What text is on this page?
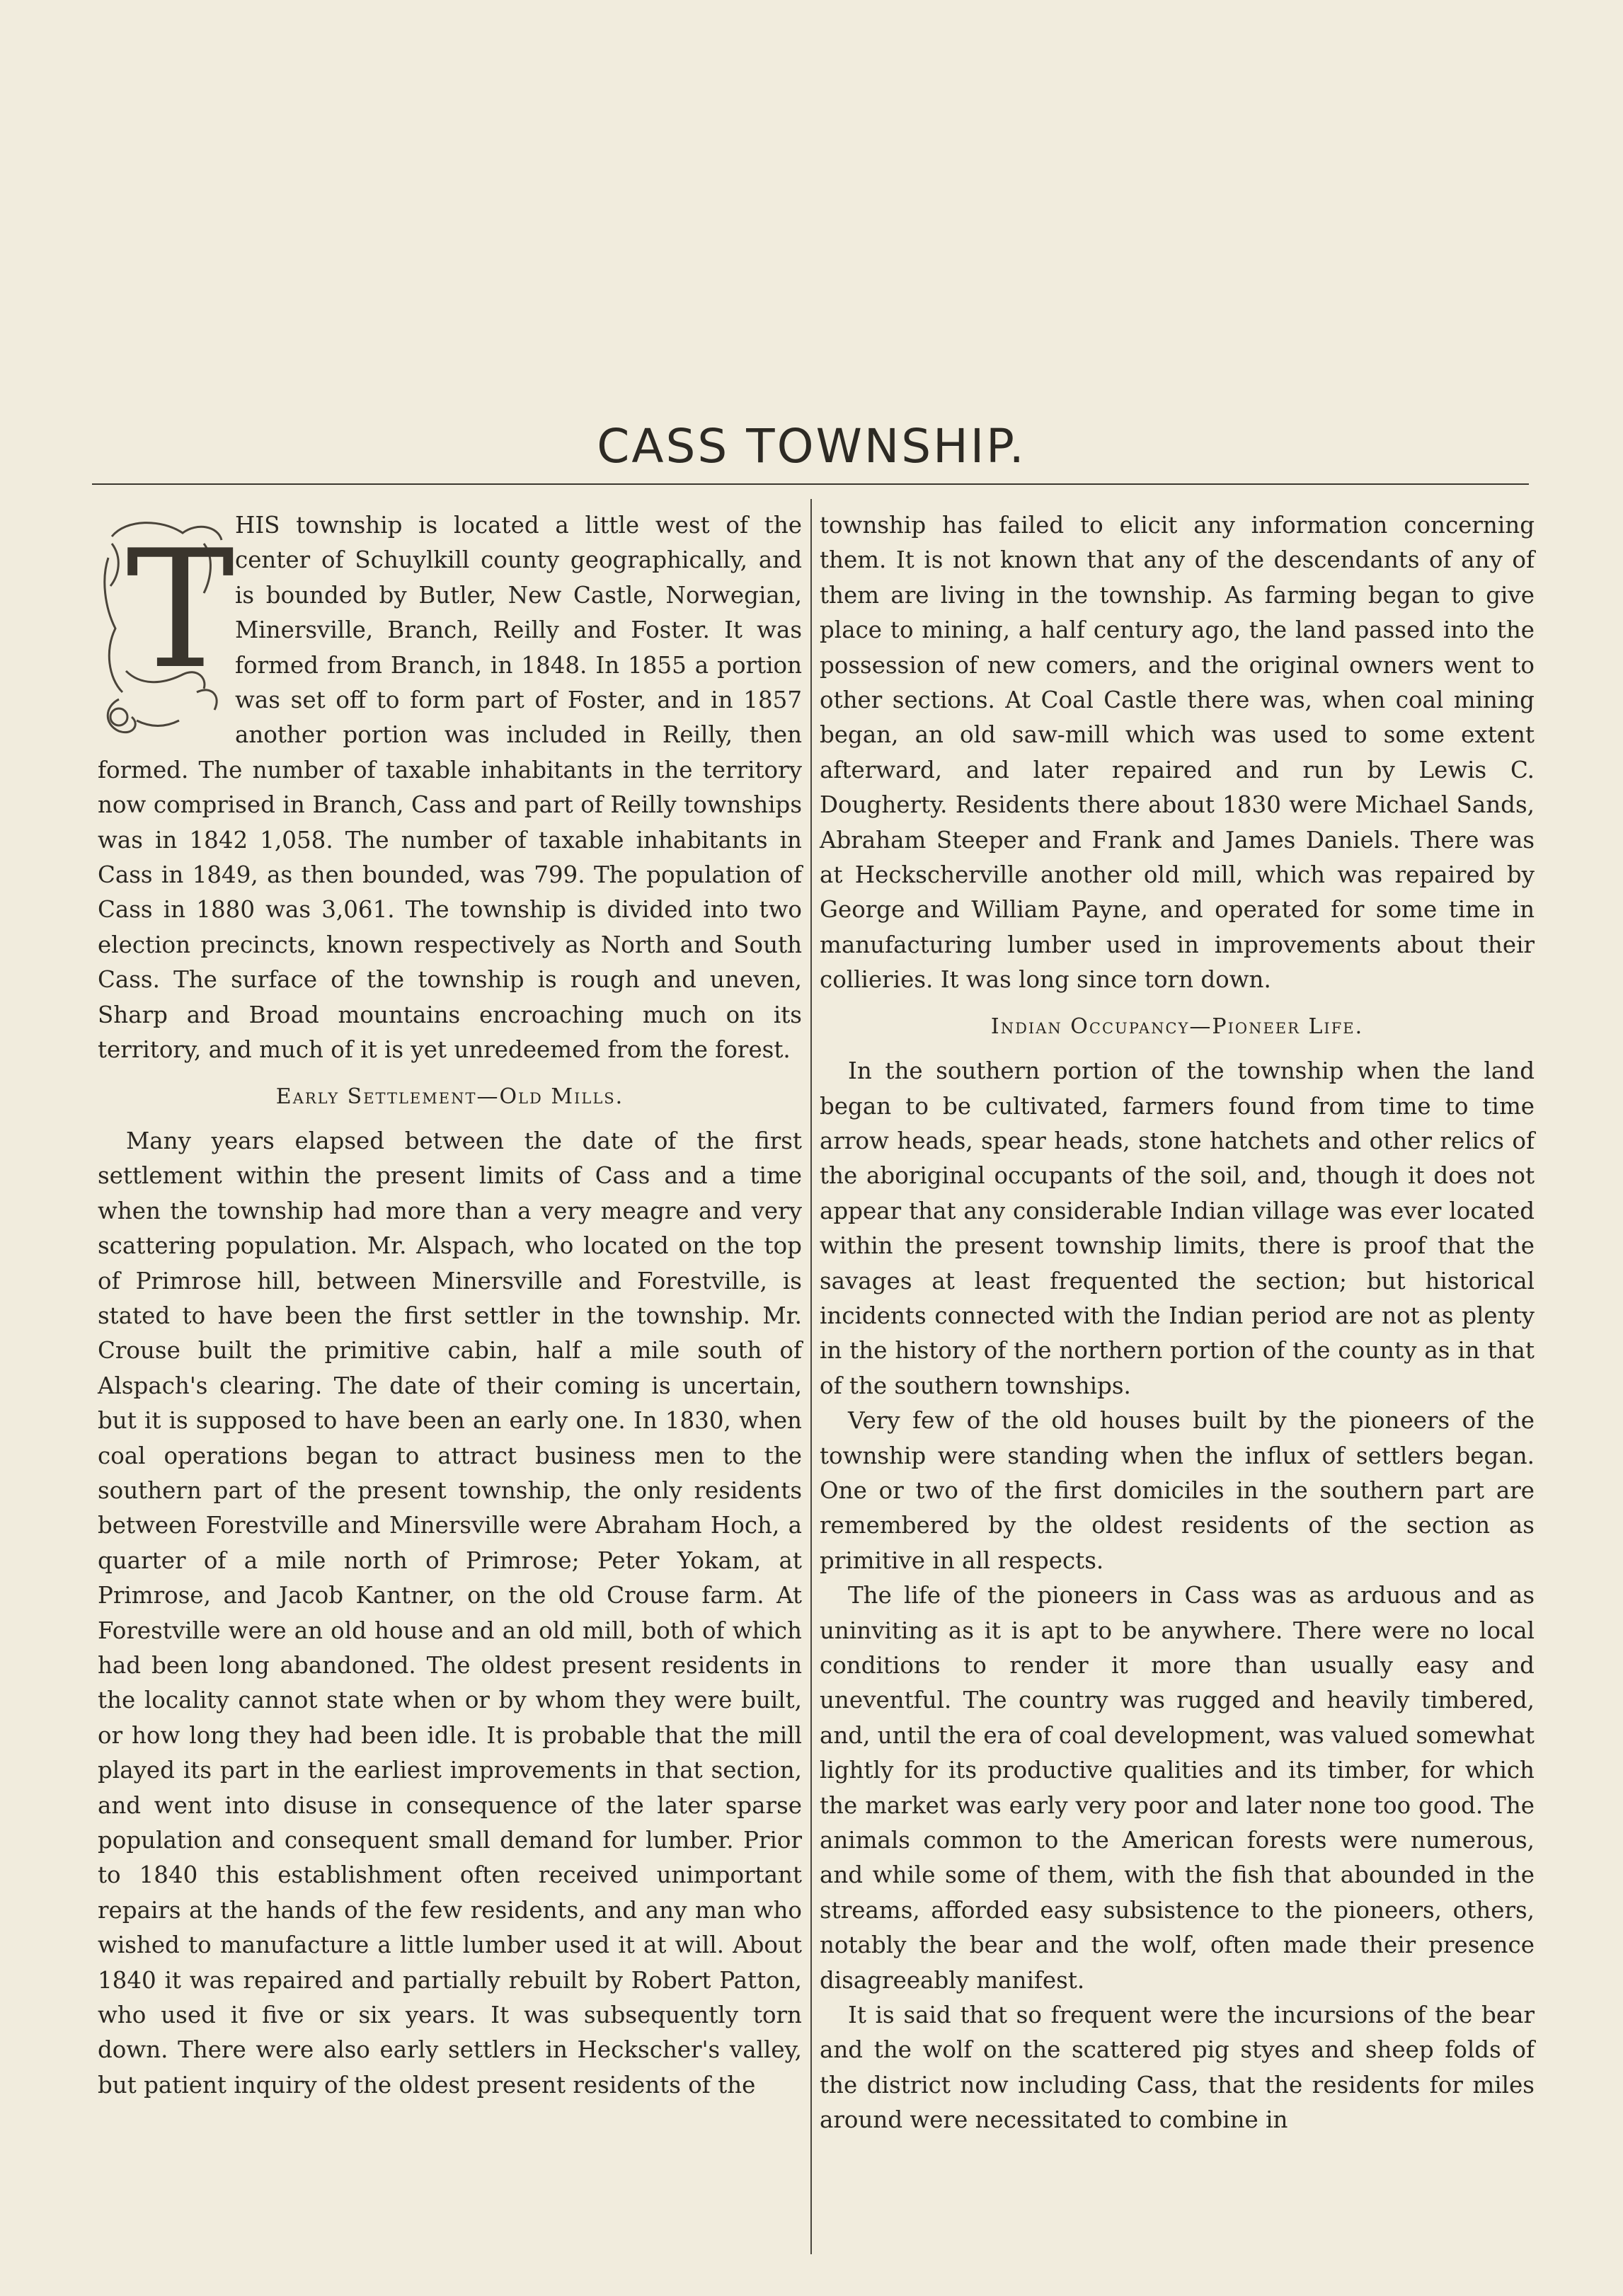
CASS TOWNSHIP.
T HIS township is located a little west of the center of Schuylkill county geographically, and is bounded by Butler, New Castle, Norwegian, Minersville, Branch, Reilly and Foster. It was formed from Branch, in 1848. In 1855 a portion was set off to form part of Foster, and in 1857 another portion was included in Reilly, then formed. The number of taxable inhabitants in the territory now comprised in Branch, Cass and part of Reilly townships was in 1842 1,058. The number of taxable inhabitants in Cass in 1849, as then bounded, was 799. The population of Cass in 1880 was 3,061. The township is divided into two election precincts, known respectively as North and South Cass. The surface of the township is rough and uneven, Sharp and Broad mountains encroaching much on its territory, and much of it is yet unredeemed from the forest.

Early Settlement—Old Mills.

Many years elapsed between the date of the first settlement within the present limits of Cass and a time when the township had more than a very meagre and very scattering population. Mr. Alspach, who located on the top of Primrose hill, between Minersville and Forestville, is stated to have been the first settler in the township. Mr. Crouse built the primitive cabin, half a mile south of Alspach's clearing. The date of their coming is uncertain, but it is supposed to have been an early one. In 1830, when coal operations began to attract business men to the southern part of the present township, the only residents between Forestville and Minersville were Abraham Hoch, a quarter of a mile north of Primrose; Peter Yokam, at Primrose, and Jacob Kantner, on the old Crouse farm. At Forestville were an old house and an old mill, both of which had been long abandoned. The oldest present residents in the locality cannot state when or by whom they were built, or how long they had been idle. It is probable that the mill played its part in the earliest improvements in that section, and went into disuse in consequence of the later sparse population and consequent small demand for lumber. Prior to 1840 this establishment often received unimportant repairs at the hands of the few residents, and any man who wished to manufacture a little lumber used it at will. About 1840 it was repaired and partially rebuilt by Robert Patton, who used it five or six years. It was subsequently torn down. There were also early settlers in Heckscher's valley, but patient inquiry of the oldest present residents of the

township has failed to elicit any information concerning them. It is not known that any of the descendants of any of them are living in the township. As farming began to give place to mining, a half century ago, the land passed into the possession of new comers, and the original owners went to other sections. At Coal Castle there was, when coal mining began, an old saw-mill which was used to some extent afterward, and later repaired and run by Lewis C. Dougherty. Residents there about 1830 were Michael Sands, Abraham Steeper and Frank and James Daniels. There was at Heckscherville another old mill, which was repaired by George and William Payne, and operated for some time in manufacturing lumber used in improvements about their collieries. It was long since torn down.

Indian Occupancy—Pioneer Life.

In the southern portion of the township when the land began to be cultivated, farmers found from time to time arrow heads, spear heads, stone hatchets and other relics of the aboriginal occupants of the soil, and, though it does not appear that any considerable Indian village was ever located within the present township limits, there is proof that the savages at least frequented the section; but historical incidents connected with the Indian period are not as plenty in the history of the northern portion of the county as in that of the southern townships.

Very few of the old houses built by the pioneers of the township were standing when the influx of settlers began. One or two of the first domiciles in the southern part are remembered by the oldest residents of the section as primitive in all respects.

The life of the pioneers in Cass was as arduous and as uninviting as it is apt to be anywhere. There were no local conditions to render it more than usually easy and uneventful. The country was rugged and heavily timbered, and, until the era of coal development, was valued somewhat lightly for its productive qualities and its timber, for which the market was early very poor and later none too good. The animals common to the American forests were numerous, and while some of them, with the fish that abounded in the streams, afforded easy subsistence to the pioneers, others, notably the bear and the wolf, often made their presence disagreeably manifest.

It is said that so frequent were the incursions of the bear and the wolf on the scattered pig styes and sheep folds of the district now including Cass, that the residents for miles around were necessitated to combine in
